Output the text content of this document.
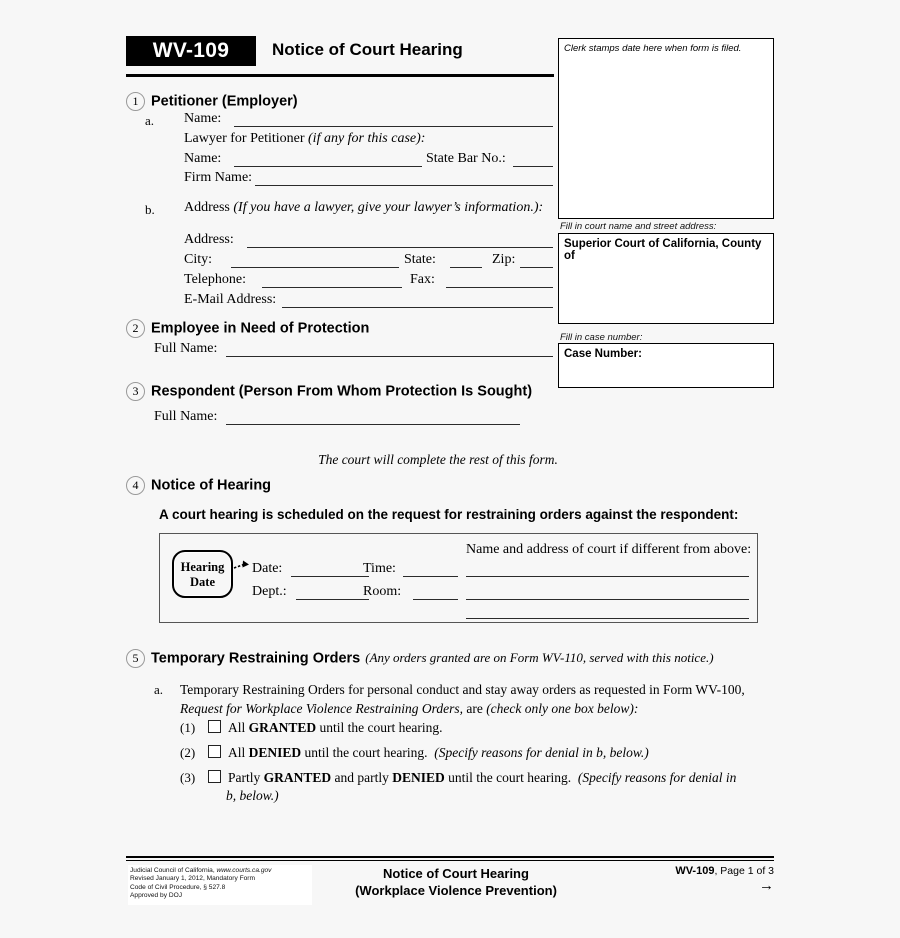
WV-109	Notice of Court Hearing
1 Petitioner (Employer)
a. Name:
Lawyer for Petitioner (if any for this case):
Name:	State Bar No.:
Firm Name:
b. Address (If you have a lawyer, give your lawyer’s information.):
Address:
City:	State:	Zip:
Telephone:	Fax:
E-Mail Address:
2 Employee in Need of Protection
Full Name:
3 Respondent (Person From Whom Protection Is Sought)
Full Name:
The court will complete the rest of this form.
4 Notice of Hearing
A court hearing is scheduled on the request for restraining orders against the respondent:
Hearing
Date
Date:	Time:
Dept.:	Room:
Name and address of court if different from above:
5 Temporary Restraining Orders (Any orders granted are on Form WV-110, served with this notice.)
a. Temporary Restraining Orders for personal conduct and stay away orders as requested in Form WV-100, Request for Workplace Violence Restraining Orders, are (check only one box below):
(1)	All GRANTED until the court hearing.
(2)	All DENIED until the court hearing. (Specify reasons for denial in b, below.)
(3)	Partly GRANTED and partly DENIED until the court hearing. (Specify reasons for denial in
b, below.)
Clerk stamps date here when form is filed.
Fill in court name and street address:
Superior Court of California, County of
Fill in case number:
Case Number:
Judicial Council of California, www.courts.ca.gov
Revised January 1, 2012, Mandatory Form
Code of Civil Procedure, § 527.8
Approved by DOJ
Notice of Court Hearing
(Workplace Violence Prevention)
WV-109, Page 1 of 3
→
